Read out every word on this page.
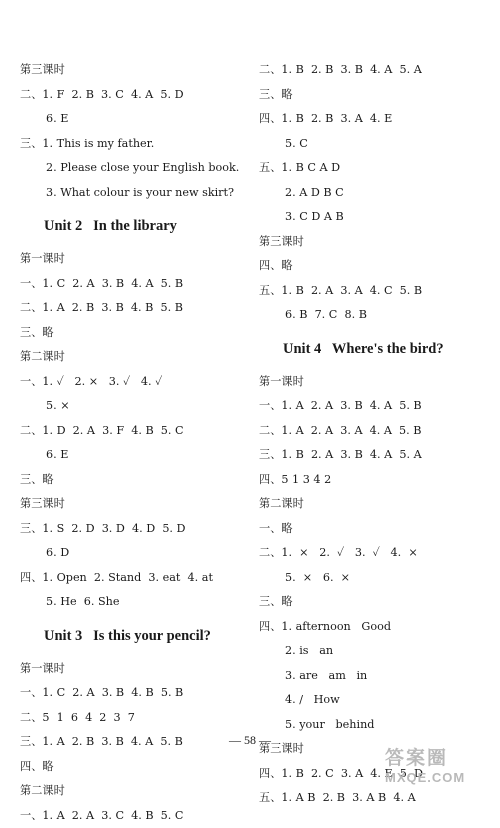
第三课时
二、1. F  2. B  3. C  4. A  5. D
6. E
三、1. This is my father.
2. Please close your English book.
3. What colour is your new skirt?
Unit 2   In the library
第一课时
一、1. C  2. A  3. B  4. A  5. B
二、1. A  2. B  3. B  4. B  5. B
三、略
第二课时
一、1. ✓   2. ×   3. ✓   4. ✓
5. ×
二、1. D  2. A  3. F  4. B  5. C
6. E
三、略
第三课时
三、1. S  2. D  3. D  4. D  5. D
6. D
四、1. Open  2. Stand  3. eat  4. at
5. He  6. She
Unit 3   Is this your pencil?
第一课时
一、1. C  2. A  3. B  4. B  5. B
二、5  1  6  4  2  3  7
三、1. A  2. B  3. B  4. A  5. B
四、略
第二课时
一、1. A  2. A  3. C  4. B  5. C
二、1. B  2. B  3. B  4. A  5. A
三、略
四、1. B  2. B  3. A  4. E
5. C
五、1. B C A D
2. A D B C
3. C D A B
第三课时
四、略
五、1. B  2. A  3. A  4. C  5. B
6. B  7. C  8. B
Unit 4   Where's the bird?
第一课时
一、1. A  2. A  3. B  4. A  5. B
二、1. A  2. A  3. A  4. A  5. B
三、1. B  2. A  3. B  4. A  5. A
四、5 1 3 4 2
第二课时
一、略
二、1.  ×   2.  ✓   3.  ✓   4.  ×
5.  ×   6.  ×
三、略
四、1. afternoon   Good
2. is   an
3. are   am   in
4. /   How
5. your   behind
第三课时
四、1. B  2. C  3. A  4. E  5. D
五、1. A B  2. B  3. A B  4. A
— 58 —
答案圈
MXQE.COM
